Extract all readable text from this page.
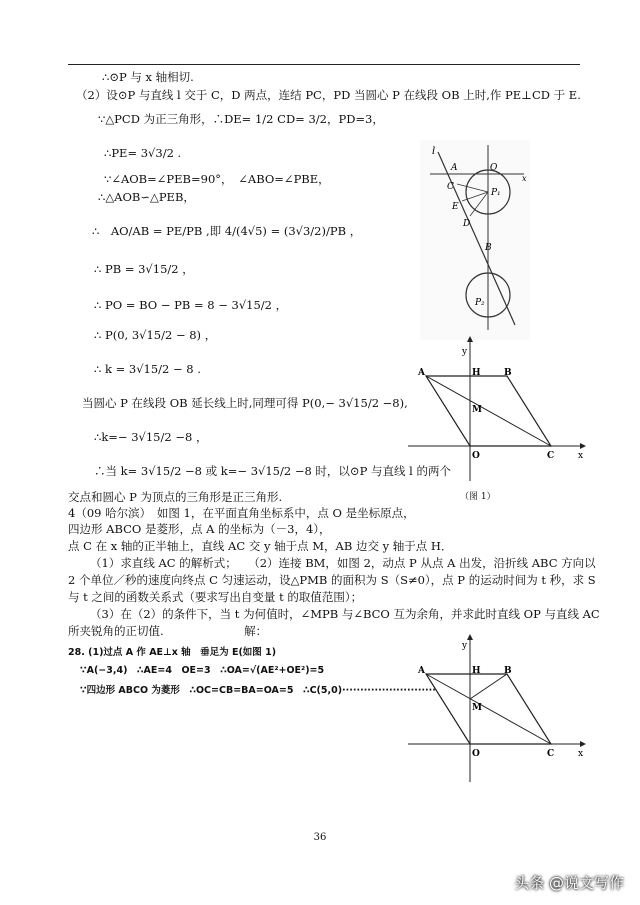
∴⊙P 与 x 轴相切.
（2）设⊙P 与直线 l 交于 C，D 两点，连结 PC，PD 当圆心 P 在线段 OB 上时,作 PE⊥CD 于 E.
∵△PCD 为正三角形，∴DE= 1/2 CD= 3/2，PD=3，
∴PE= 3√3/2 .
∵∠AOB=∠PEB=90°，　∠ABO=∠PBE，
∴△AOB∽△PEB，
∴　AO/AB = PE/PB ,即 4/(4√5) = (3√3/2)/PB ，
∴ PB = 3√15/2 ，
∴ PO = BO − PB = 8 − 3√15/2 ，
∴ P(0, 3√15/2 − 8) ，
∴ k = 3√15/2 − 8 .
当圆心 P 在线段 OB 延长线上时,同理可得 P(0,− 3√15/2 −8),
∴k=− 3√15/2 −8 ，
∴当 k= 3√15/2 −8 或 k=− 3√15/2 −8 时，以⊙P 与直线 l 的两个
交点和圆心 P 为顶点的三角形是正三角形.
4（09 哈尔滨）　如图 1，在平面直角坐标系中，点 O 是坐标原点，
四边形 ABCO 是菱形，点 A 的坐标为（－3，4），
点 C 在 x 轴的正半轴上，直线 AC 交 y 轴于点 M，AB 边交 y 轴于点 H．
（1）求直线 AC 的解析式；　　（2）连接 BM，如图 2，动点 P 从点 A 出发，沿折线 ABC 方向以
2 个单位／秒的速度向终点 C 匀速运动，设△PMB 的面积为 S（S≠0），点 P 的运动时间为 t 秒，求 S
与 t 之间的函数关系式（要求写出自变量 t 的取值范围）；
（3）在（2）的条件下，当 t 为何值时，∠MPB 与∠BCO 互为余角，并求此时直线 OP 与直线 AC
所夹锐角的正切值.　　　　　　　解：
28. (1)过点 A 作 AE⊥x 轴　垂足为 E(如图 1)
∵A(−3,4)　∴AE=4　OE=3　∴OA=√(AE²+OE²)=5
∵四边形 ABCO 为菱形　∴OC=CB=BA=OA=5　∴C(5,0)··························
l
A	O
x
C
P₁
E
D
B
P₂
y
A	H	B
M
O	C	x
（图 1）
y
A	H	B
M
O	C	x
36
头条 @说文写作
